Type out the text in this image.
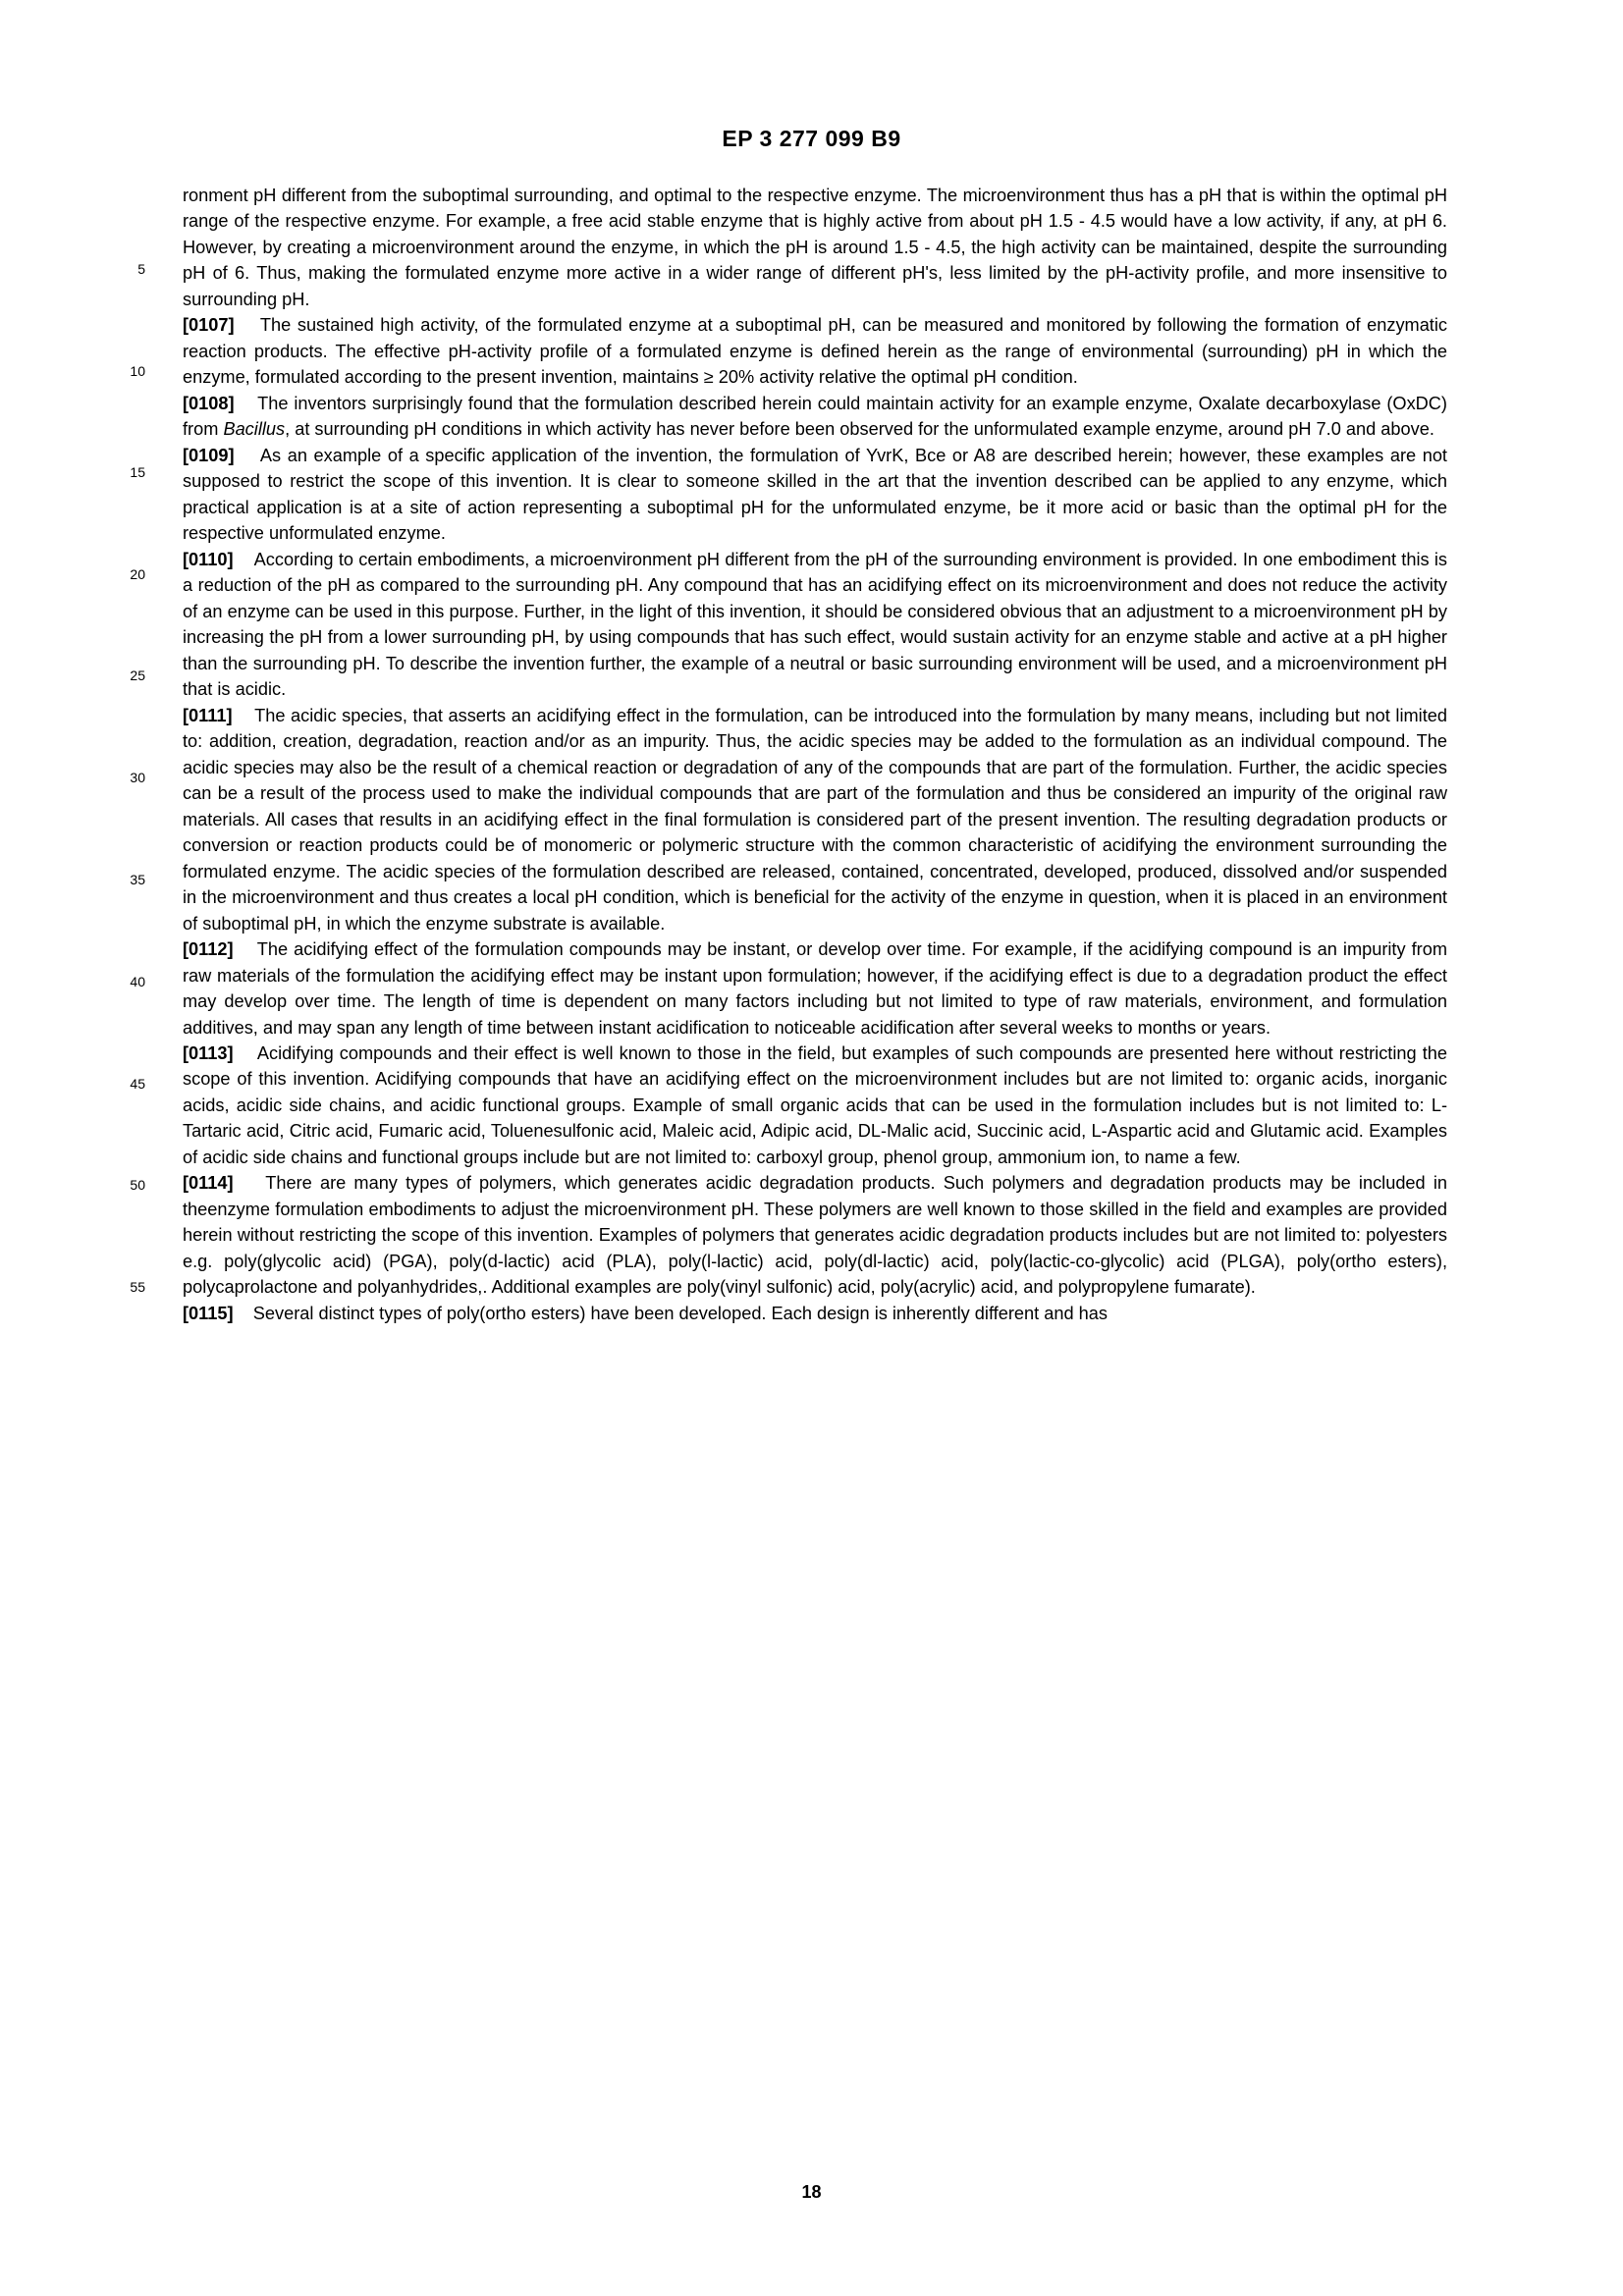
EP 3 277 099 B9
5
10
15
20
25
30
35
40
45
50
55

ronment pH different from the suboptimal surrounding, and optimal to the respective enzyme. The microenvironment thus has a pH that is within the optimal pH range of the respective enzyme. For example, a free acid stable enzyme that is highly active from about pH 1.5 - 4.5 would have a low activity, if any, at pH 6. However, by creating a microenvironment around the enzyme, in which the pH is around 1.5 - 4.5, the high activity can be maintained, despite the surrounding pH of 6. Thus, making the formulated enzyme more active in a wider range of different pH's, less limited by the pH-activity profile, and more insensitive to surrounding pH.

[0107] The sustained high activity, of the formulated enzyme at a suboptimal pH, can be measured and monitored by following the formation of enzymatic reaction products. The effective pH-activity profile of a formulated enzyme is defined herein as the range of environmental (surrounding) pH in which the enzyme, formulated according to the present invention, maintains ≥ 20% activity relative the optimal pH condition.

[0108] The inventors surprisingly found that the formulation described herein could maintain activity for an example enzyme, Oxalate decarboxylase (OxDC) from Bacillus, at surrounding pH conditions in which activity has never before been observed for the unformulated example enzyme, around pH 7.0 and above.

[0109] As an example of a specific application of the invention, the formulation of YvrK, Bce or A8 are described herein; however, these examples are not supposed to restrict the scope of this invention. It is clear to someone skilled in the art that the invention described can be applied to any enzyme, which practical application is at a site of action representing a suboptimal pH for the unformulated enzyme, be it more acid or basic than the optimal pH for the respective unformulated enzyme.

[0110] According to certain embodiments, a microenvironment pH different from the pH of the surrounding environment is provided. In one embodiment this is a reduction of the pH as compared to the surrounding pH. Any compound that has an acidifying effect on its microenvironment and does not reduce the activity of an enzyme can be used in this purpose. Further, in the light of this invention, it should be considered obvious that an adjustment to a microenvironment pH by increasing the pH from a lower surrounding pH, by using compounds that has such effect, would sustain activity for an enzyme stable and active at a pH higher than the surrounding pH. To describe the invention further, the example of a neutral or basic surrounding environment will be used, and a microenvironment pH that is acidic.

[0111] The acidic species, that asserts an acidifying effect in the formulation, can be introduced into the formulation by many means, including but not limited to: addition, creation, degradation, reaction and/or as an impurity. Thus, the acidic species may be added to the formulation as an individual compound. The acidic species may also be the result of a chemical reaction or degradation of any of the compounds that are part of the formulation. Further, the acidic species can be a result of the process used to make the individual compounds that are part of the formulation and thus be considered an impurity of the original raw materials. All cases that results in an acidifying effect in the final formulation is considered part of the present invention. The resulting degradation products or conversion or reaction products could be of monomeric or polymeric structure with the common characteristic of acidifying the environment surrounding the formulated enzyme. The acidic species of the formulation described are released, contained, concentrated, developed, produced, dissolved and/or suspended in the microenvironment and thus creates a local pH condition, which is beneficial for the activity of the enzyme in question, when it is placed in an environment of suboptimal pH, in which the enzyme substrate is available.

[0112] The acidifying effect of the formulation compounds may be instant, or develop over time. For example, if the acidifying compound is an impurity from raw materials of the formulation the acidifying effect may be instant upon formulation; however, if the acidifying effect is due to a degradation product the effect may develop over time. The length of time is dependent on many factors including but not limited to type of raw materials, environment, and formulation additives, and may span any length of time between instant acidification to noticeable acidification after several weeks to months or years.

[0113] Acidifying compounds and their effect is well known to those in the field, but examples of such compounds are presented here without restricting the scope of this invention. Acidifying compounds that have an acidifying effect on the microenvironment includes but are not limited to: organic acids, inorganic acids, acidic side chains, and acidic functional groups. Example of small organic acids that can be used in the formulation includes but is not limited to: L-Tartaric acid, Citric acid, Fumaric acid, Toluenesulfonic acid, Maleic acid, Adipic acid, DL-Malic acid, Succinic acid, L-Aspartic acid and Glutamic acid. Examples of acidic side chains and functional groups include but are not limited to: carboxyl group, phenol group, ammonium ion, to name a few.

[0114] There are many types of polymers, which generates acidic degradation products. Such polymers and degradation products may be included in theenzyme formulation embodiments to adjust the microenvironment pH. These polymers are well known to those skilled in the field and examples are provided herein without restricting the scope of this invention. Examples of polymers that generates acidic degradation products includes but are not limited to: polyesters e.g. poly(glycolic acid) (PGA), poly(d-lactic) acid (PLA), poly(l-lactic) acid, poly(dl-lactic) acid, poly(lactic-co-glycolic) acid (PLGA), poly(ortho esters), polycaprolactone and polyanhydrides,. Additional examples are poly(vinyl sulfonic) acid, poly(acrylic) acid, and polypropylene fumarate).

[0115] Several distinct types of poly(ortho esters) have been developed. Each design is inherently different and has

18
